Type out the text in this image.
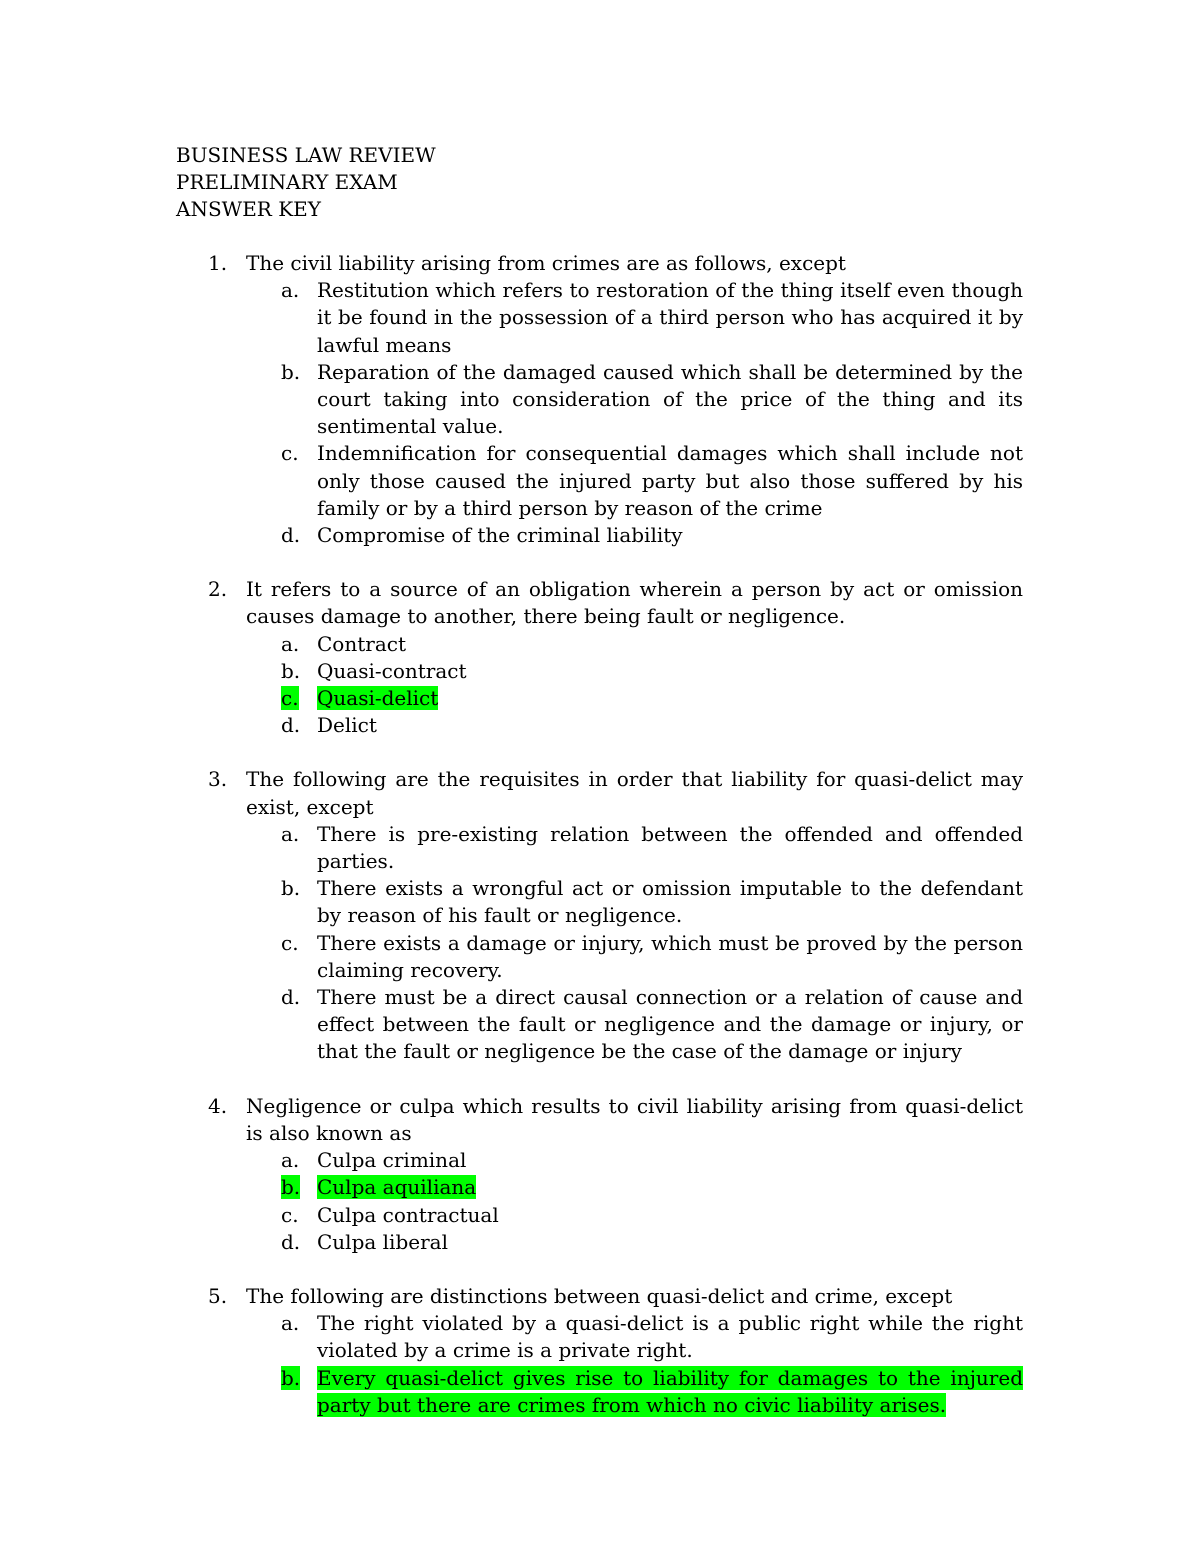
BUSINESS LAW REVIEW
PRELIMINARY EXAM
ANSWER KEY
1. The civil liability arising from crimes are as follows, except
a. Restitution which refers to restoration of the thing itself even though it be found in the possession of a third person who has acquired it by lawful means
b. Reparation of the damaged caused which shall be determined by the court taking into consideration of the price of the thing and its sentimental value.
c. Indemnification for consequential damages which shall include not only those caused the injured party but also those suffered by his family or by a third person by reason of the crime
d. Compromise of the criminal liability
2. It refers to a source of an obligation wherein a person by act or omission causes damage to another, there being fault or negligence.
a. Contract
b. Quasi-contract
c. Quasi-delict
d. Delict
3. The following are the requisites in order that liability for quasi-delict may exist, except
a. There is pre-existing relation between the offended and offended parties.
b. There exists a wrongful act or omission imputable to the defendant by reason of his fault or negligence.
c. There exists a damage or injury, which must be proved by the person claiming recovery.
d. There must be a direct causal connection or a relation of cause and effect between the fault or negligence and the damage or injury, or that the fault or negligence be the case of the damage or injury
4. Negligence or culpa which results to civil liability arising from quasi-delict is also known as
a. Culpa criminal
b. Culpa aquiliana
c. Culpa contractual
d. Culpa liberal
5. The following are distinctions between quasi-delict and crime, except
a. The right violated by a quasi-delict is a public right while the right violated by a crime is a private right.
b. Every quasi-delict gives rise to liability for damages to the injured party but there are crimes from which no civic liability arises.
